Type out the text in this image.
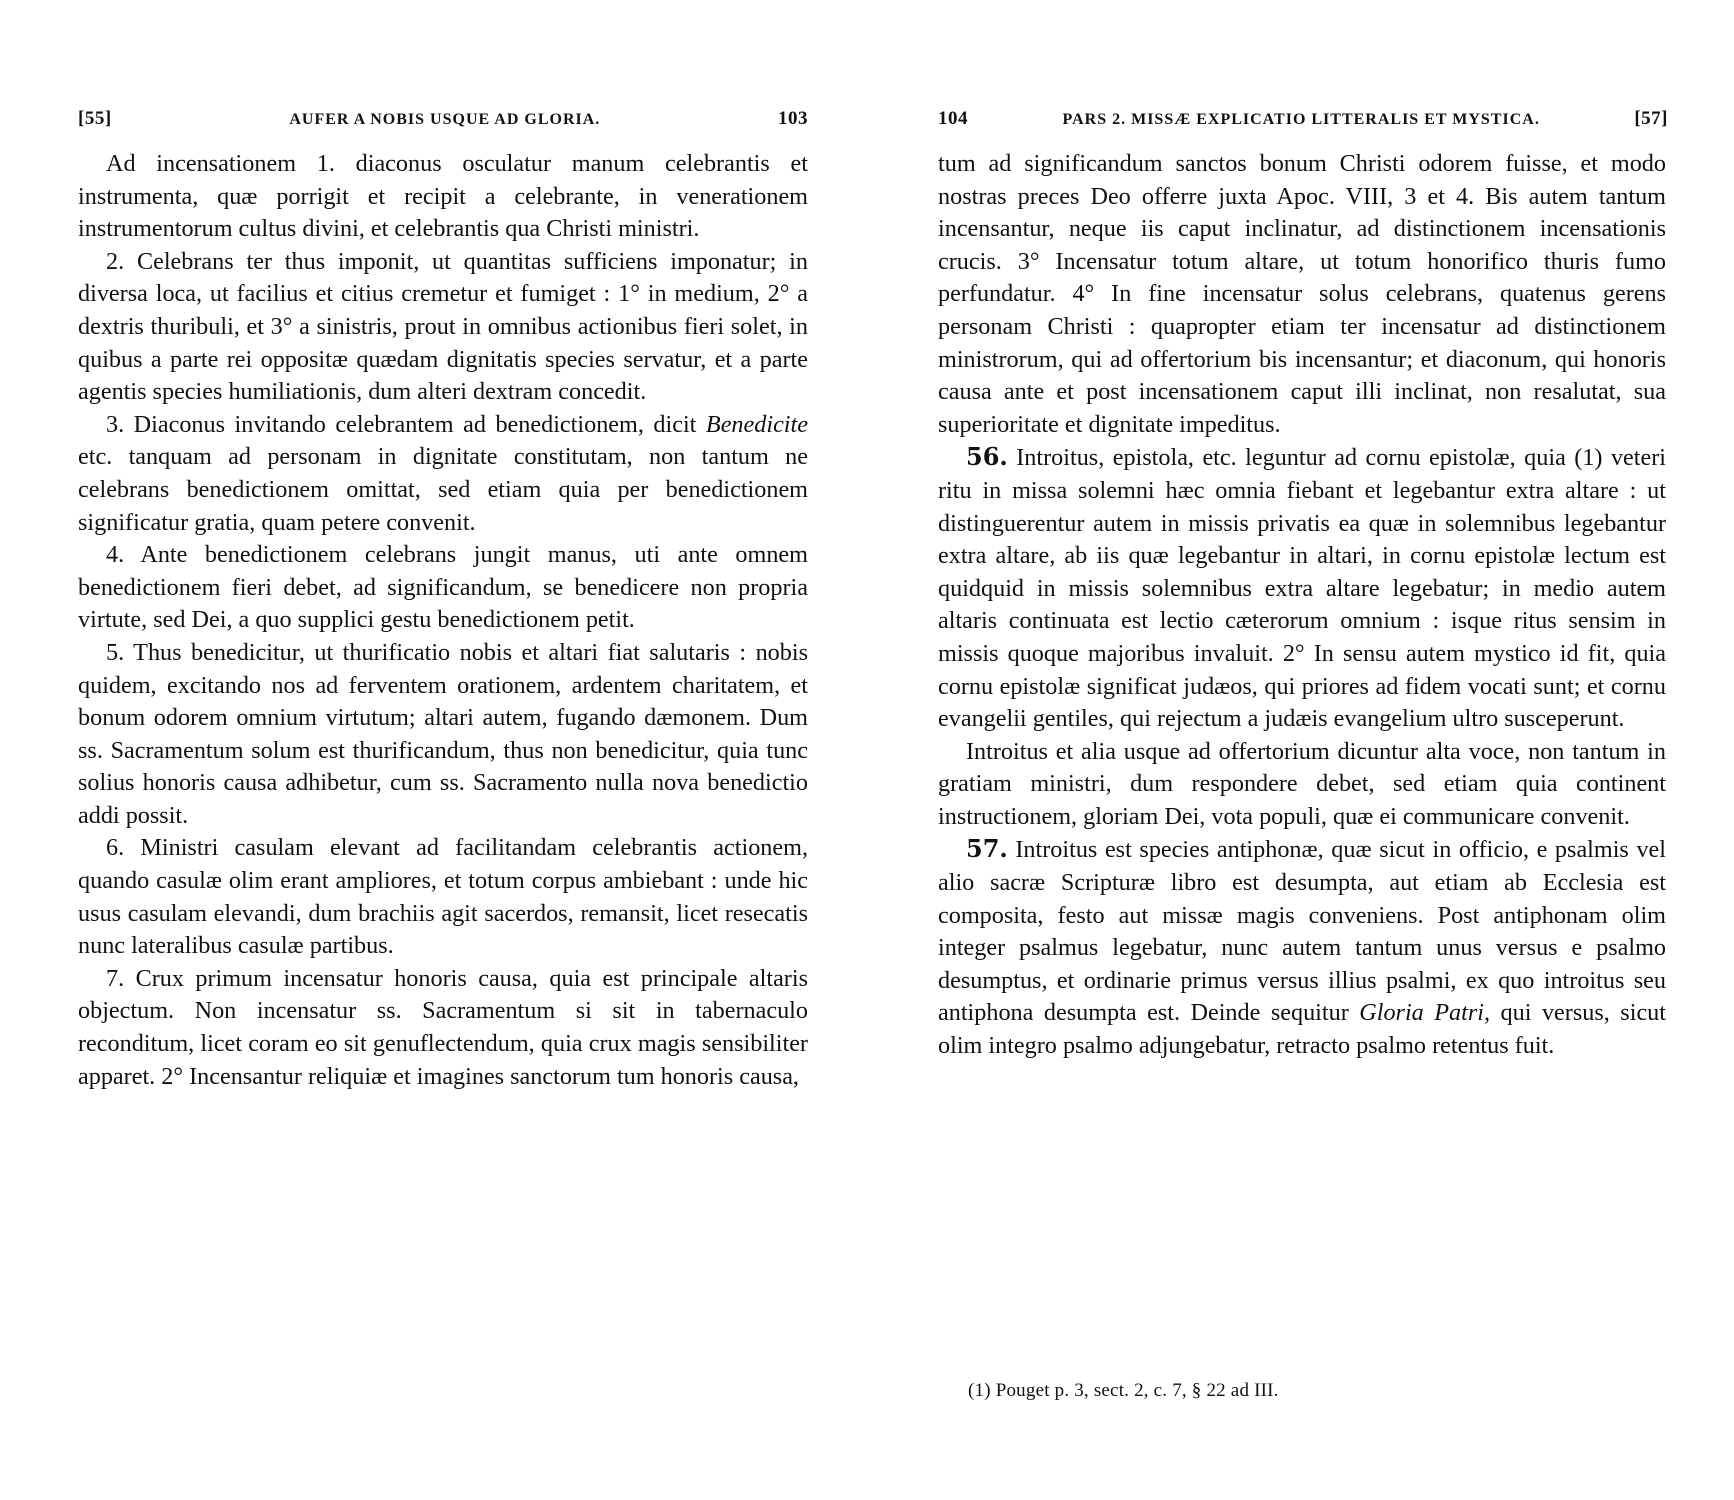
[55]	AUFER A NOBIS USQUE AD GLORIA.	103

Ad incensationem 1. diaconus osculatur manum celebrantis et instrumenta, quæ porrigit et recipit a celebrante, in venerationem instrumentorum cultus divini, et celebrantis qua Christi ministri.

2. Celebrans ter thus imponit, ut quantitas sufficiens imponatur; in diversa loca, ut facilius et citius cremetur et fumiget : 1° in medium, 2° a dextris thuribuli, et 3° a sinistris, prout in omnibus actionibus fieri solet, in quibus a parte rei oppositæ quædam dignitatis species servatur, et a parte agentis species humiliationis, dum alteri dextram concedit.

3. Diaconus invitando celebrantem ad benedictionem, dicit Benedicite etc. tanquam ad personam in dignitate constitutam, non tantum ne celebrans benedictionem omittat, sed etiam quia per benedictionem significatur gratia, quam petere convenit.

4. Ante benedictionem celebrans jungit manus, uti ante omnem benedictionem fieri debet, ad significandum, se benedicere non propria virtute, sed Dei, a quo supplici gestu benedictionem petit.

5. Thus benedicitur, ut thurificatio nobis et altari fiat salutaris : nobis quidem, excitando nos ad ferventem orationem, ardentem charitatem, et bonum odorem omnium virtutum; altari autem, fugando dæmonem. Dum ss. Sacramentum solum est thurificandum, thus non benedicitur, quia tunc solius honoris causa adhibetur, cum ss. Sacramento nulla nova benedictio addi possit.

6. Ministri casulam elevant ad facilitandam celebrantis actionem, quando casulæ olim erant ampliores, et totum corpus ambiebant : unde hic usus casulam elevandi, dum brachiis agit sacerdos, remansit, licet resecatis nunc lateralibus casulæ partibus.

7. Crux primum incensatur honoris causa, quia est principale altaris objectum. Non incensatur ss. Sacramentum si sit in tabernaculo reconditum, licet coram eo sit genuflectendum, quia crux magis sensibiliter apparet. 2° Incensantur reliquiæ et imagines sanctorum tum honoris causa,

104	PARS 2. MISSÆ EXPLICATIO LITTERALIS ET MYSTICA.	[57]

tum ad significandum sanctos bonum Christi odorem fuisse, et modo nostras preces Deo offerre juxta Apoc. VIII, 3 et 4. Bis autem tantum incensantur, neque iis caput inclinatur, ad distinctionem incensationis crucis. 3° Incensatur totum altare, ut totum honorifico thuris fumo perfundatur. 4° In fine incensatur solus celebrans, quatenus gerens personam Christi : quapropter etiam ter incensatur ad distinctionem ministrorum, qui ad offertorium bis incensantur; et diaconum, qui honoris causa ante et post incensationem caput illi inclinat, non resalutat, sua superioritate et dignitate impeditus.

56. Introitus, epistola, etc. leguntur ad cornu epistolæ, quia (1) veteri ritu in missa solemni hæc omnia fiebant et legebantur extra altare : ut distinguerentur autem in missis privatis ea quæ in solemnibus legebantur extra altare, ab iis quæ legebantur in altari, in cornu epistolæ lectum est quidquid in missis solemnibus extra altare legebatur; in medio autem altaris continuata est lectio cæterorum omnium : isque ritus sensim in missis quoque majoribus invaluit. 2° In sensu autem mystico id fit, quia cornu epistolæ significat judæos, qui priores ad fidem vocati sunt; et cornu evangelii gentiles, qui rejectum a judæis evangelium ultro susceperunt.

Introitus et alia usque ad offertorium dicuntur alta voce, non tantum in gratiam ministri, dum respondere debet, sed etiam quia continent instructionem, gloriam Dei, vota populi, quæ ei communicare convenit.

57. Introitus est species antiphonæ, quæ sicut in officio, e psalmis vel alio sacræ Scripturæ libro est desumpta, aut etiam ab Ecclesia est composita, festo aut missæ magis conveniens. Post antiphonam olim integer psalmus legebatur, nunc autem tantum unus versus e psalmo desumptus, et ordinarie primus versus illius psalmi, ex quo introitus seu antiphona desumpta est. Deinde sequitur Gloria Patri, qui versus, sicut olim integro psalmo adjungebatur, retracto psalmo retentus fuit.

(1) Pouget p. 3, sect. 2, c. 7, § 22 ad III.
